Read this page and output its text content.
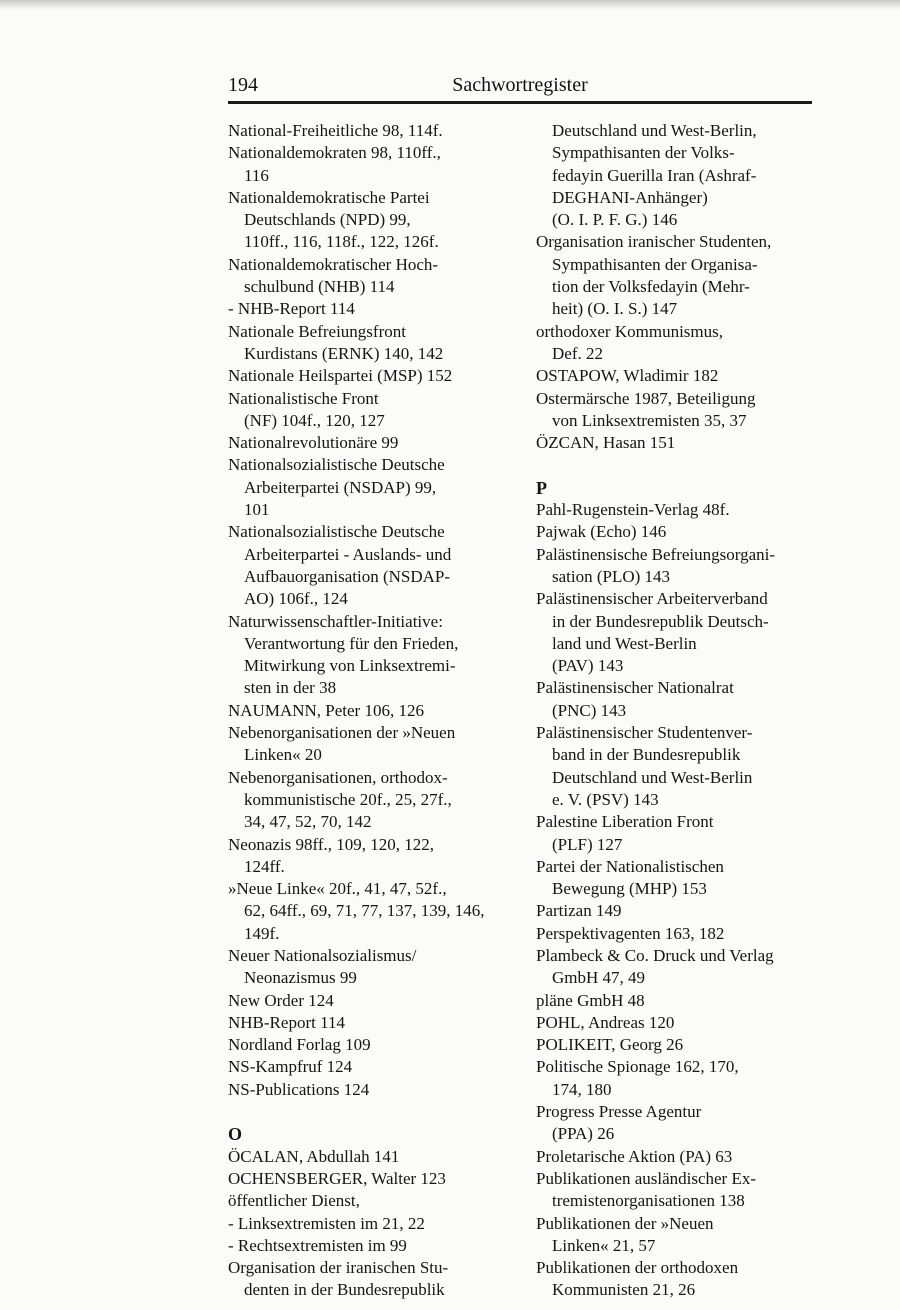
194	Sachwortregister
National-Freiheitliche 98, 114f.
Nationaldemokraten 98, 110ff.,
116
Nationaldemokratische Partei
Deutschlands (NPD) 99,
110ff., 116, 118f., 122, 126f.
Nationaldemokratischer Hoch-
schulbund (NHB) 114
- NHB-Report 114
Nationale Befreiungsfront
Kurdistans (ERNK) 140, 142
Nationale Heilspartei (MSP) 152
Nationalistische Front
(NF) 104f., 120, 127
Nationalrevolutionäre 99
Nationalsozialistische Deutsche
Arbeiterpartei (NSDAP) 99,
101
Nationalsozialistische Deutsche
Arbeiterpartei - Auslands- und
Aufbauorganisation (NSDAP-
AO) 106f., 124
Naturwissenschaftler-Initiative:
Verantwortung für den Frieden,
Mitwirkung von Linksextremi-
sten in der 38
NAUMANN, Peter 106, 126
Nebenorganisationen der »Neuen
Linken« 20
Nebenorganisationen, orthodox-
kommunistische 20f., 25, 27f.,
34, 47, 52, 70, 142
Neonazis 98ff., 109, 120, 122,
124ff.
»Neue Linke« 20f., 41, 47, 52f.,
62, 64ff., 69, 71, 77, 137, 139, 146,
149f.
Neuer Nationalsozialismus/
Neonazismus 99
New Order 124
NHB-Report 114
Nordland Forlag 109
NS-Kampfruf 124
NS-Publications 124
O
ÖCALAN, Abdullah 141
OCHENSBERGER, Walter 123
öffentlicher Dienst,
- Linksextremisten im 21, 22
- Rechtsextremisten im 99
Organisation der iranischen Stu-
denten in der Bundesrepublik
Deutschland und West-Berlin,
Sympathisanten der Volks-
fedayin Guerilla Iran (Ashraf-
DEGHANI-Anhänger)
(O. I. P. F. G.) 146
Organisation iranischer Studenten,
Sympathisanten der Organisa-
tion der Volksfedayin (Mehr-
heit) (O. I. S.) 147
orthodoxer Kommunismus,
Def. 22
OSTAPOW, Wladimir 182
Ostermärsche 1987, Beteiligung
von Linksextremisten 35, 37
ÖZCAN, Hasan 151
P
Pahl-Rugenstein-Verlag 48f.
Pajwak (Echo) 146
Palästinensische Befreiungsorgani-
sation (PLO) 143
Palästinensischer Arbeiterverband
in der Bundesrepublik Deutsch-
land und West-Berlin
(PAV) 143
Palästinensischer Nationalrat
(PNC) 143
Palästinensischer Studentenver-
band in der Bundesrepublik
Deutschland und West-Berlin
e. V. (PSV) 143
Palestine Liberation Front
(PLF) 127
Partei der Nationalistischen
Bewegung (MHP) 153
Partizan 149
Perspektivagenten 163, 182
Plambeck & Co. Druck und Verlag
GmbH 47, 49
pläne GmbH 48
POHL, Andreas 120
POLIKEIT, Georg 26
Politische Spionage 162, 170,
174, 180
Progress Presse Agentur
(PPA) 26
Proletarische Aktion (PA) 63
Publikationen ausländischer Ex-
tremistenorganisationen 138
Publikationen der »Neuen
Linken« 21, 57
Publikationen der orthodoxen
Kommunisten 21, 26
